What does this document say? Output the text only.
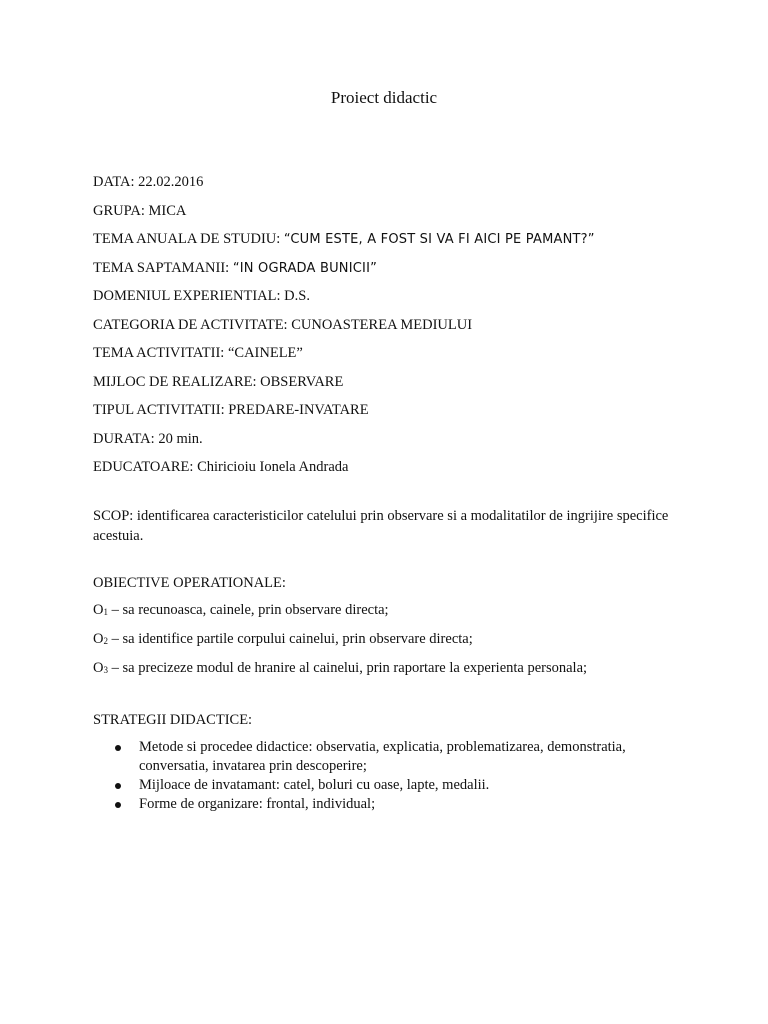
Proiect didactic
DATA: 22.02.2016
GRUPA: MICA
TEMA ANUALA DE STUDIU: “CUM ESTE, A FOST SI VA FI AICI PE PAMANT?”
TEMA SAPTAMANII: “IN OGRADA BUNICII”
DOMENIUL EXPERIENTIAL: D.S.
CATEGORIA DE ACTIVITATE: CUNOASTEREA MEDIULUI
TEMA ACTIVITATII: “CAINELE”
MIJLOC DE REALIZARE: OBSERVARE
TIPUL ACTIVITATII: PREDARE-INVATARE
DURATA: 20 min.
EDUCATOARE: Chiricioiu Ionela Andrada
SCOP: identificarea caracteristicilor catelului prin observare si a modalitatilor de ingrijire specifice acestuia.
OBIECTIVE OPERATIONALE:
$O_1$ – sa recunoasca, cainele, prin observare directa;
$O_2$ – sa identifice partile corpului cainelui, prin observare directa;
$O_3$ – sa precizeze modul de hranire al cainelui, prin raportare la experienta personala;
STRATEGII DIDACTICE:
Metode si procedee didactice: observatia, explicatia, problematizarea, demonstratia, conversatia, invatarea prin descoperire;
Mijloace de invatamant: catel, boluri cu oase, lapte, medalii.
Forme de organizare: frontal, individual;
